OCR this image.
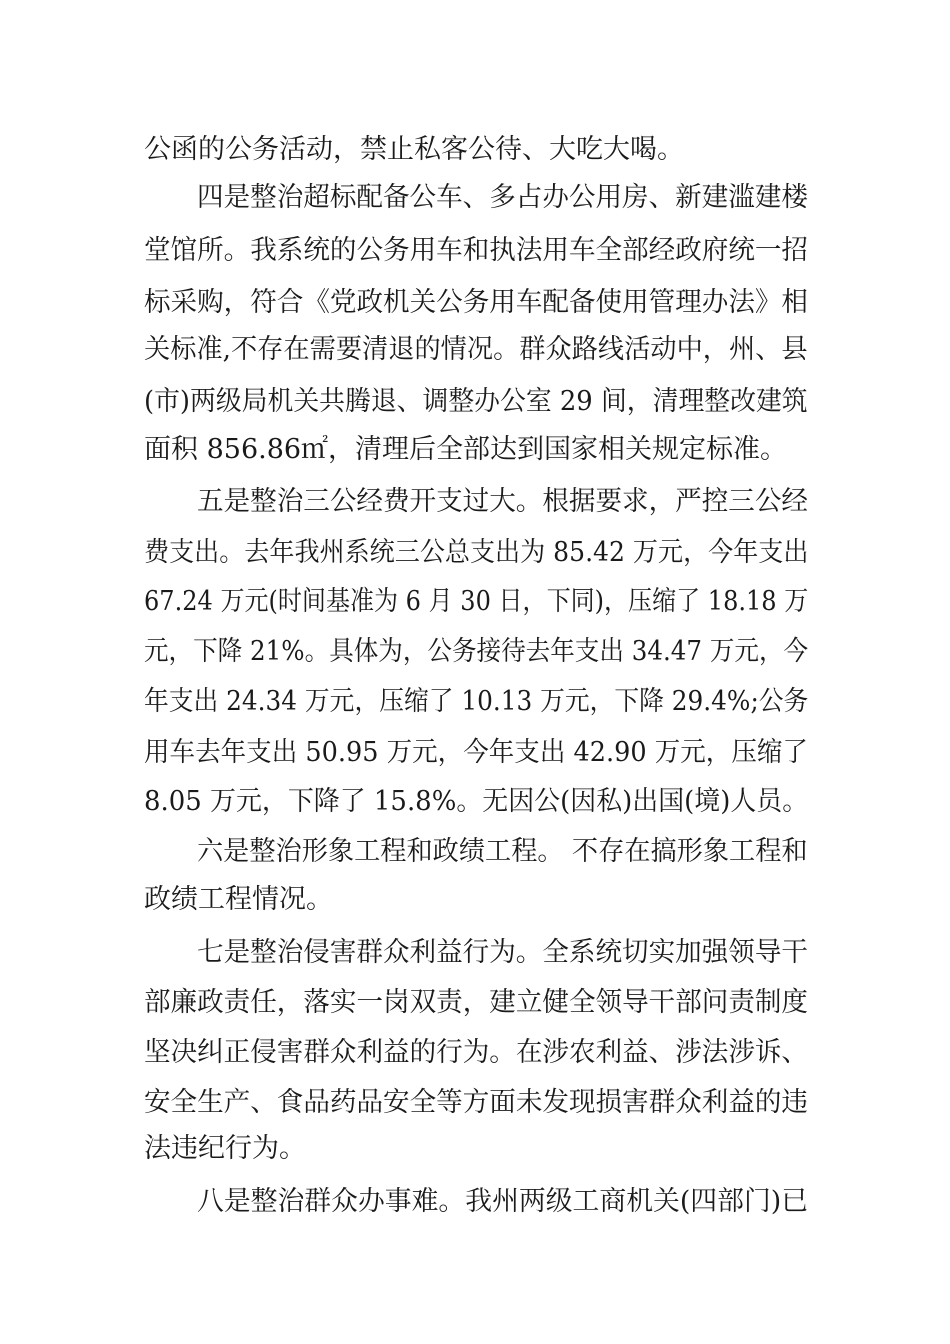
公函的公务活动，禁止私客公待、大吃大喝。
四是整治超标配备公车、多占办公用房、新建滥建楼
堂馆所。我系统的公务用车和执法用车全部经政府统一招
标采购，符合《党政机关公务用车配备使用管理办法》相
关标准,不存在需要清退的情况。群众路线活动中，州、县
(市)两级局机关共腾退、调整办公室 29 间，清理整改建筑
面积 856.86㎡，清理后全部达到国家相关规定标准。
五是整治三公经费开支过大。根据要求，严控三公经
费支出。去年我州系统三公总支出为 85.42 万元，今年支出
67.24 万元(时间基准为 6 月 30 日，下同)，压缩了 18.18 万
元，下降 21%。具体为，公务接待去年支出 34.47 万元，今
年支出 24.34 万元，压缩了 10.13 万元，下降 29.4%;公务
用车去年支出 50.95 万元，今年支出 42.90 万元，压缩了
8.05 万元，下降了 15.8%。无因公(因私)出国(境)人员。
六是整治形象工程和政绩工程。 不存在搞形象工程和
政绩工程情况。
七是整治侵害群众利益行为。全系统切实加强领导干
部廉政责任，落实一岗双责，建立健全领导干部问责制度
坚决纠正侵害群众利益的行为。在涉农利益、涉法涉诉、
安全生产、食品药品安全等方面未发现损害群众利益的违
法违纪行为。
八是整治群众办事难。我州两级工商机关(四部门)已
